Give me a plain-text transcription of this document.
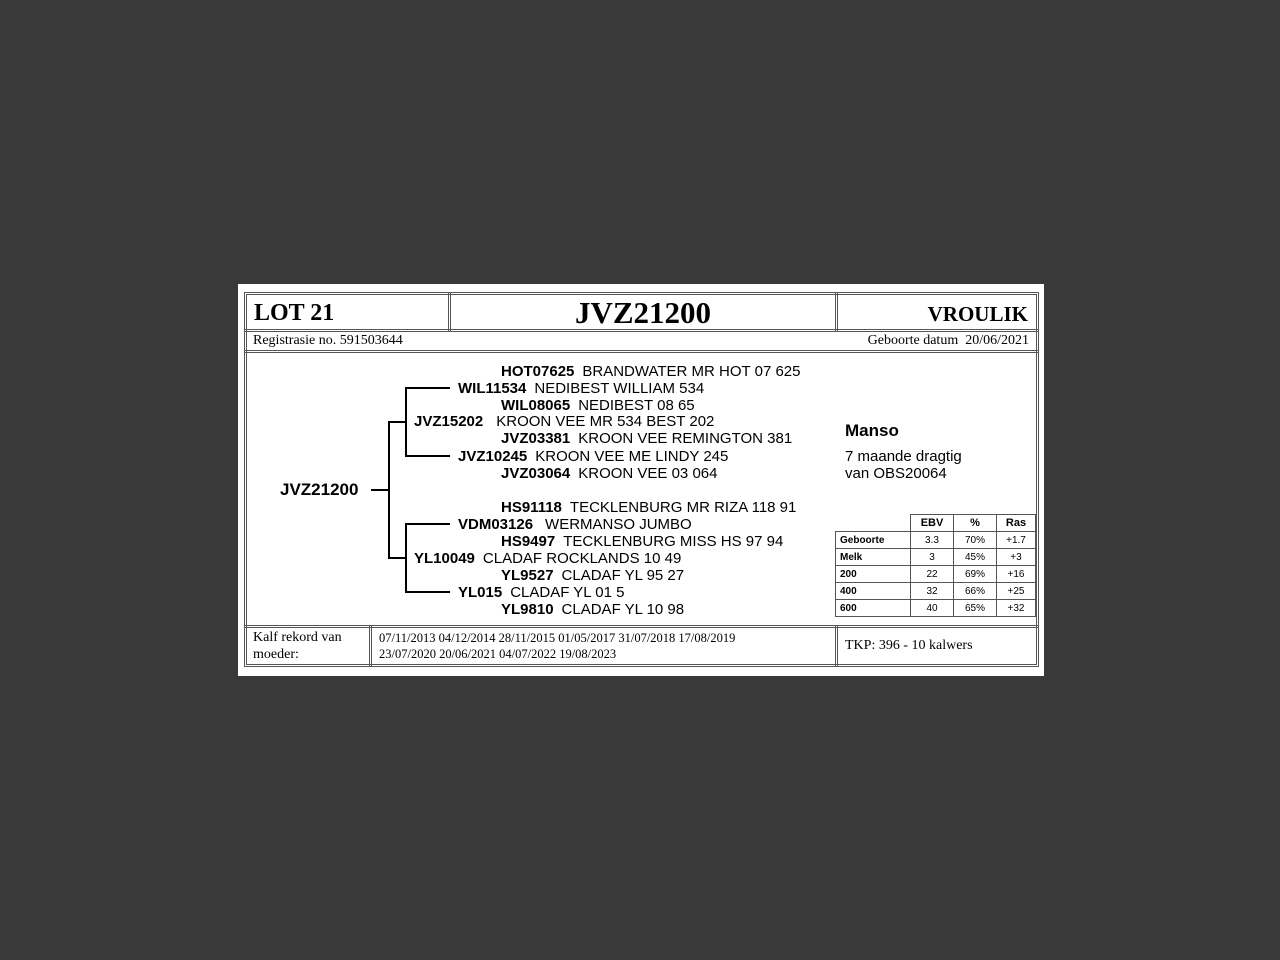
LOT 21	JVZ21200	VROULIK
Registrasie no. 591503644	Geboorte datum 20/06/2021
JVZ21200
HOT07625 BRANDWATER MR HOT 07 625
WIL11534 NEDIBEST WILLIAM 534
WIL08065 NEDIBEST 08 65
JVZ15202 KROON VEE MR 534 BEST 202
JVZ03381 KROON VEE REMINGTON 381
JVZ10245 KROON VEE ME LINDY 245
JVZ03064 KROON VEE 03 064
HS91118 TECKLENBURG MR RIZA 118 91
VDM03126 WERMANSO JUMBO
HS9497 TECKLENBURG MISS HS 97 94
YL10049 CLADAF ROCKLANDS 10 49
YL9527 CLADAF YL 95 27
YL015 CLADAF YL 01 5
YL9810 CLADAF YL 10 98
Manso
7 maande dragtig
van OBS20064
	EBV	%	Ras
Geboorte	3.3	70%	+1.7
Melk	3	45%	+3
200	22	69%	+16
400	32	66%	+25
600	40	65%	+32
Kalf rekord van
moeder:
07/11/2013 04/12/2014 28/11/2015 01/05/2017 31/07/2018 17/08/2019
23/07/2020 20/06/2021 04/07/2022 19/08/2023
TKP: 396 - 10 kalwers
